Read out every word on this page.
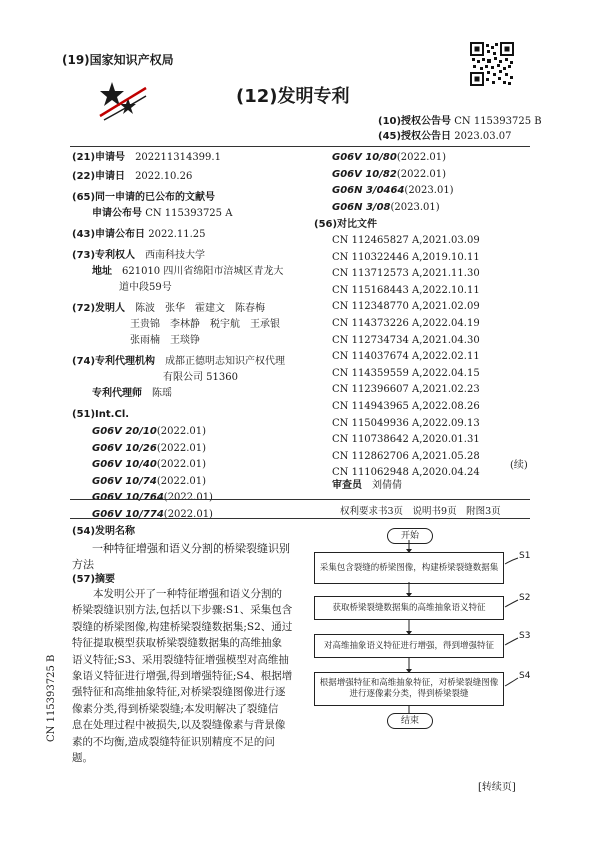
(19)国家知识产权局
(12)发明专利
(10)授权公告号 CN 115393725 B
(45)授权公告日 2023.03.07
(21)申请号　 202211314399.1
(22)申请日　 2022.10.26
(65)同一申请的已公布的文献号
申请公布号 CN 115393725 A
(43)申请公布日 2022.11.25
(73)专利权人　 西南科技大学
地址　 621010 四川省绵阳市涪城区青龙大
道中段59号
(72)发明人　 陈波　张华　霍建文　陈春梅
王贵锦　李林静　税宇航　王承银
张雨楠　王琰铮
(74)专利代理机构　 成都正德明志知识产权代理
有限公司 51360
专利代理师　 陈瑶
(51)Int.Cl.
G06V 20/10(2022.01)
G06V 10/26(2022.01)
G06V 10/40(2022.01)
G06V 10/74(2022.01)
G06V 10/764(2022.01)
G06V 10/774(2022.01)
G06V 10/80(2022.01)
G06V 10/82(2022.01)
G06N 3/0464(2023.01)
G06N 3/08(2023.01)
(56)对比文件
CN 112465827 A,2021.03.09
CN 110322446 A,2019.10.11
CN 113712573 A,2021.11.30
CN 115168443 A,2022.10.11
CN 112348770 A,2021.02.09
CN 114373226 A,2022.04.19
CN 112734734 A,2021.04.30
CN 114037674 A,2022.02.11
CN 114359559 A,2022.04.15
CN 112396607 A,2021.02.23
CN 114943965 A,2022.08.26
CN 115049936 A,2022.09.13
CN 110738642 A,2020.01.31
CN 112862706 A,2021.05.28
CN 111062948 A,2020.04.24
(续)
审查员　 刘倩倩
权利要求书3页　说明书9页　附图3页
(54)发明名称
一种特征增强和语义分割的桥梁裂缝识别
方法
(57)摘要
本发明公开了一种特征增强和语义分割的
桥梁裂缝识别方法,包括以下步骤:S1、采集包含
裂缝的桥梁图像,构建桥梁裂缝数据集;S2、通过
特征提取模型获取桥梁裂缝数据集的高维抽象
语义特征;S3、采用裂缝特征增强模型对高维抽
象语义特征进行增强,得到增强特征;S4、根据增
强特征和高维抽象特征,对桥梁裂缝图像进行逐
像素分类,得到桥梁裂缝;本发明解决了裂缝信
息在处理过程中被损失,以及裂缝像素与背景像
素的不均衡,造成裂缝特征识别精度不足的问
题。
CN 115393725 B
开始
采集包含裂缝的桥梁图像，构建桥梁裂缝数据集
S1
获取桥梁裂缝数据集的高维抽象语义特征
S2
对高维抽象语义特征进行增强，得到增强特征
S3
根据增强特征和高维抽象特征，对桥梁裂缝图像进行逐像素分类，得到桥梁裂缝
S4
结束
[转续页]
